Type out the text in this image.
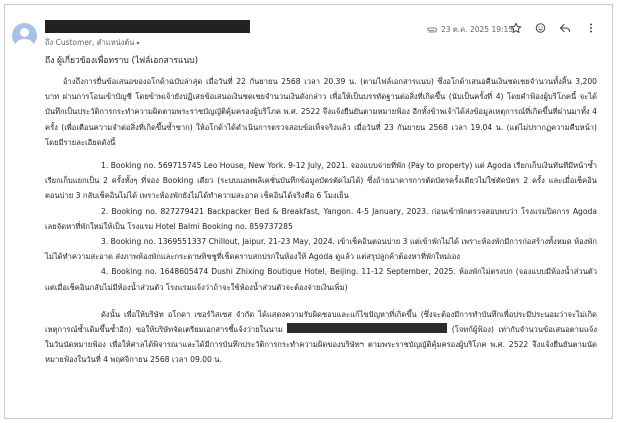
ถึง Customer, ตำแหน่งต้น ▾
ถึง ผู้เกี่ยวข้องเพื่อทราบ (ไฟล์เอกสารแนบ)
23 ต.ค. 2025 19:15

อ้างถึงการยื่นข้อเสนอของอโกด้าฉบับล่าสุด เมื่อวันที่ 22 กันยายน 2568 เวลา 20.39 น. (ตามไฟล์เอกสารแนบ) ซึ่งอโกด้าเสนอคืนเงินชดเชยจำนวนทั้งสิ้น 3,200 บาท ผ่านการโอนเข้าบัญชี โดยข้าพเจ้ายังปฏิเสธข้อเสนอเงินชดเชยจำนวนเงินดังกล่าว เพื่อให้เป็นบรรทัดฐานต่อสิ่งที่เกิดขึ้น (นับเป็นครั้งที่ 4) โดยคำฟ้องผู้บริโภคนี้ จะได้บันทึกเป็นประวัติการกระทำความผิดตามพระราชบัญญัติคุ้มครองผู้บริโภค พ.ศ. 2522 จึงแจ้งยืนยันตามหมายฟ้อง อีกทั้งข้าพเจ้าได้ส่งข้อมูลเหตุการณ์ที่เกิดขึ้นที่ผ่านมาทั้ง 4 ครั้ง (เพื่อเตือนความจำต่อสิ่งที่เกิดขึ้นซ้ำซาก) ให้อโกด้าได้ดำเนินการตรวจสอบข้อเท็จจริงแล้ว เมื่อวันที่ 23 กันยายน 2568 เวลา 19.04 น. (แต่ไม่ปรากฏความคืบหน้า) โดยมีรายละเอียดดังนี้

1. Booking no. 569715745 Leo House, New York. 9-12 July, 2021. จองแบบจ่ายที่พัก (Pay to property) แต่ Agoda เรียกเก็บเงินทันทีมีหน้าซ้ำ เรียกเก็บแยกเป็น 2 ครั้งทั้งๆ ที่จอง Booking เดียว (ระบบแอพพลิเคชั่นบันทึกข้อมูลบัตรตัดไม่ได้) ซึ่งถ้าธนาคารการตัดบัตรครั้งเดียวไม่ใช่ตัดบัตร 2 ครั้ง และเมื่อเช็คอินตอนบ่าย 3 กลับเช็คอินไม่ได้ เพราะห้องพักยังไม่ได้ทำความสะอาด เช็คอินได้จริงคือ 6 โมงเย็น

2. Booking no. 827279421 Backpacker Bed & Breakfast, Yangon. 4-5 January, 2023. ก่อนเข้าพักตรวจสอบพบว่า โรงแรมปิดการ Agoda เลยจัดหาที่พักใหม่ให้เป็น โรงแรม Hotel Balmi Booking no. 859737285

3. Booking no. 1369551337 Chillout, Jaipur. 21-23 May, 2024. เข้าเช็คอินตอนบ่าย 3 แต่เข้าพักไม่ได้ เพราะห้องพักมีการก่อสร้างทั้งหมด ห้องพักไม่ได้ทำความสะอาด ส่งภาพห้องพักและกระดาษทิชชูที่เช็ดคราบสกปรกในห้องให้ Agoda ดูแล้ว แต่สรุปลูกค้าต้องหาที่พักใหม่เอง

4. Booking no. 1648605474 Dushi Zhixing Boutique Hotel, Beijing. 11-12 September, 2025. ห้องพักไม่ตรงปก (จองแบบมีห้องน้ำส่วนตัว แต่เมื่อเช็คอินกลับไม่มีห้องน้ำส่วนตัว โรงแรมแจ้งว่าถ้าจะใช้ห้องน้ำส่วนตัวจะต้องจ่ายเงินเพิ่ม)

ดังนั้น เพื่อให้บริษัท อโกดา เซอร์วิสเซส จำกัด ได้แสดงความรับผิดชอบและแก้ไขปัญหาที่เกิดขึ้น (ซึ่งจะต้องมีการทำบันทึกเพื่อประมีประนอมว่าจะไม่เกิดเหตุการณ์ซ้ำเดิมขึ้นซ้ำอีก) ขอให้บริษัทจัดเตรียมเอกสารชี้แจ้งว่ายในนาม	(โจทก์ผู้ฟ้อง) เท่ากับจำนวนข้อเสนอตามแจ้งในวันนัดหมายฟ้อง เพื่อให้ศาลได้พิจารณาและได้มีการบันทึกประวัติการกระทำความผิดของบริษัทฯ ตามพระราชบัญญัติคุ้มครองผู้บริโภค พ.ศ. 2522 จึงแจ้งยืนยันตามนัดหมายฟ้องในวันที่ 4 พฤศจิกายน 2568 เวลา 09.00 น.
